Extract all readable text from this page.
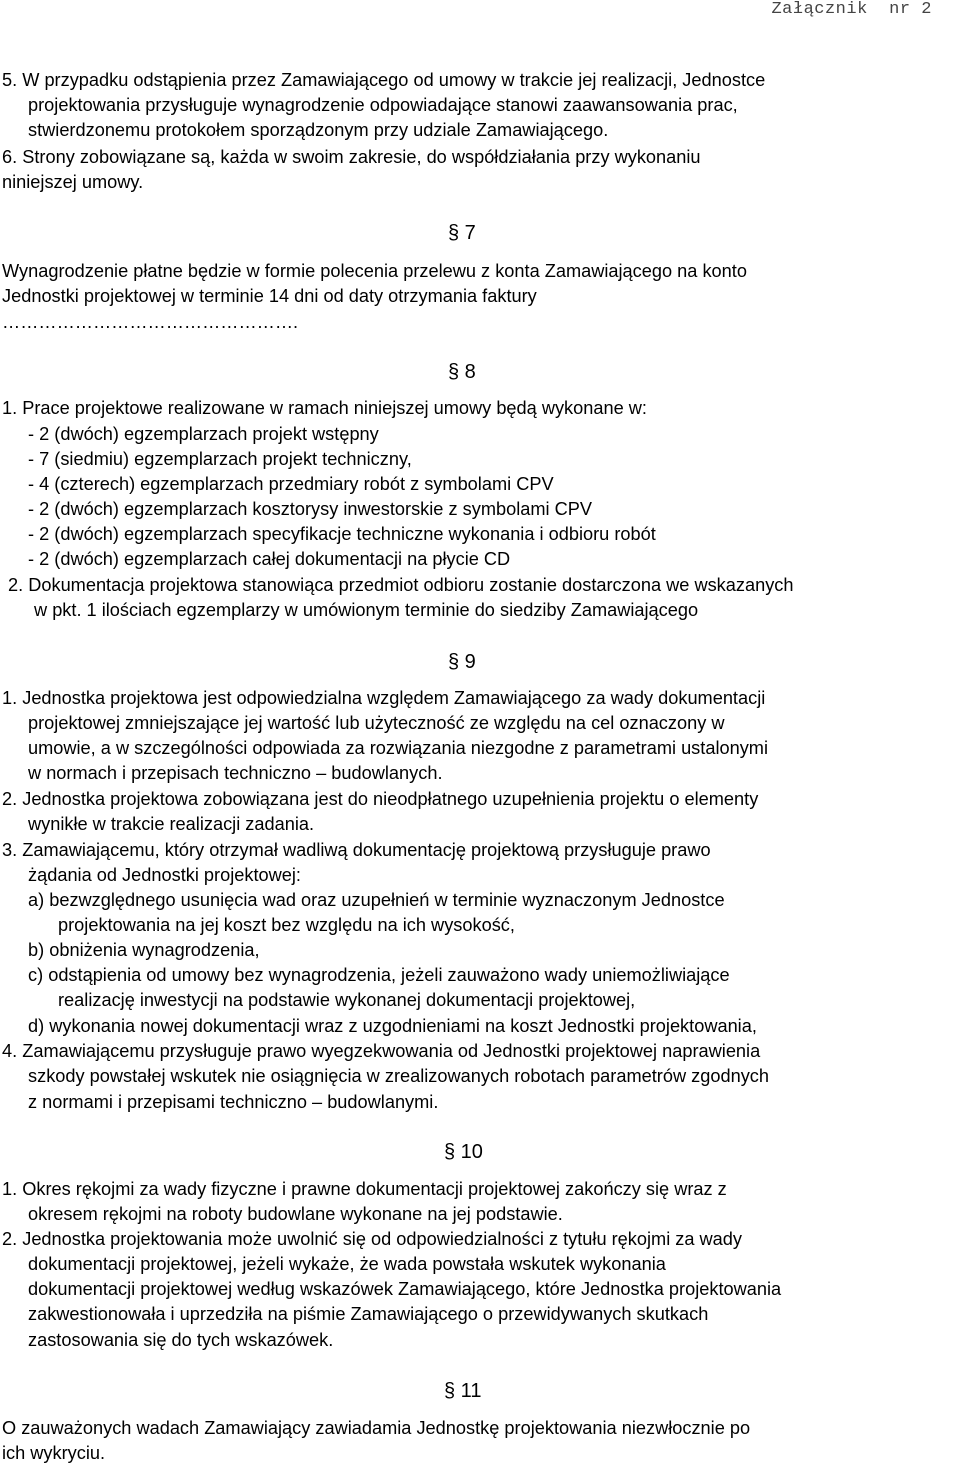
Załącznik  nr 2
5. W przypadku odstąpienia przez Zamawiającego od umowy w trakcie jej realizacji, Jednostce
projektowania przysługuje wynagrodzenie odpowiadające stanowi zaawansowania prac,
stwierdzonemu protokołem sporządzonym przy udziale Zamawiającego.
6. Strony zobowiązane są, każda w swoim zakresie, do współdziałania przy wykonaniu
niniejszej umowy.
§ 7
Wynagrodzenie płatne będzie w formie polecenia przelewu z konta Zamawiającego na konto
Jednostki projektowej w terminie 14 dni od daty otrzymania faktury
………………………………………….
§ 8
1. Prace projektowe realizowane w ramach niniejszej umowy będą wykonane w:
- 2 (dwóch) egzemplarzach projekt wstępny
- 7 (siedmiu) egzemplarzach projekt techniczny,
- 4 (czterech) egzemplarzach przedmiary robót z symbolami CPV
- 2 (dwóch) egzemplarzach kosztorysy inwestorskie z symbolami CPV
- 2 (dwóch) egzemplarzach specyfikacje techniczne wykonania i odbioru robót
- 2 (dwóch) egzemplarzach całej dokumentacji na płycie CD
2. Dokumentacja projektowa stanowiąca przedmiot odbioru zostanie dostarczona we wskazanych
w pkt. 1 ilościach egzemplarzy w umówionym terminie do siedziby Zamawiającego
§ 9
1. Jednostka projektowa jest odpowiedzialna względem Zamawiającego za wady dokumentacji
projektowej zmniejszające jej wartość lub użyteczność ze względu na cel oznaczony w
umowie, a w szczególności odpowiada za rozwiązania niezgodne z parametrami ustalonymi
w normach i przepisach techniczno – budowlanych.
2. Jednostka projektowa zobowiązana jest do nieodpłatnego uzupełnienia projektu o elementy
wynikłe w trakcie realizacji zadania.
3. Zamawiającemu, który otrzymał wadliwą dokumentację projektową przysługuje prawo
żądania od Jednostki projektowej:
a) bezwzględnego usunięcia wad oraz uzupełnień w terminie wyznaczonym Jednostce
projektowania na jej koszt bez względu na ich wysokość,
b) obniżenia wynagrodzenia,
c) odstąpienia od umowy bez wynagrodzenia, jeżeli zauważono wady uniemożliwiające
realizację inwestycji na podstawie wykonanej dokumentacji projektowej,
d) wykonania nowej dokumentacji wraz z uzgodnieniami na koszt Jednostki projektowania,
4. Zamawiającemu przysługuje prawo wyegzekwowania od Jednostki projektowej naprawienia
szkody powstałej wskutek nie osiągnięcia w zrealizowanych robotach parametrów zgodnych
z normami i przepisami techniczno – budowlanymi.
§ 10
1. Okres rękojmi za wady fizyczne i prawne dokumentacji projektowej zakończy się wraz z
okresem rękojmi na roboty budowlane wykonane na jej podstawie.
2. Jednostka projektowania może uwolnić się od odpowiedzialności z tytułu rękojmi za wady
dokumentacji projektowej, jeżeli wykaże, że wada powstała wskutek wykonania
dokumentacji projektowej według wskazówek Zamawiającego, które Jednostka projektowania
zakwestionowała i uprzedziła na piśmie Zamawiającego o przewidywanych skutkach
zastosowania się do tych wskazówek.
§ 11
O zauważonych wadach Zamawiający zawiadamia Jednostkę projektowania niezwłocznie po
ich wykryciu.
